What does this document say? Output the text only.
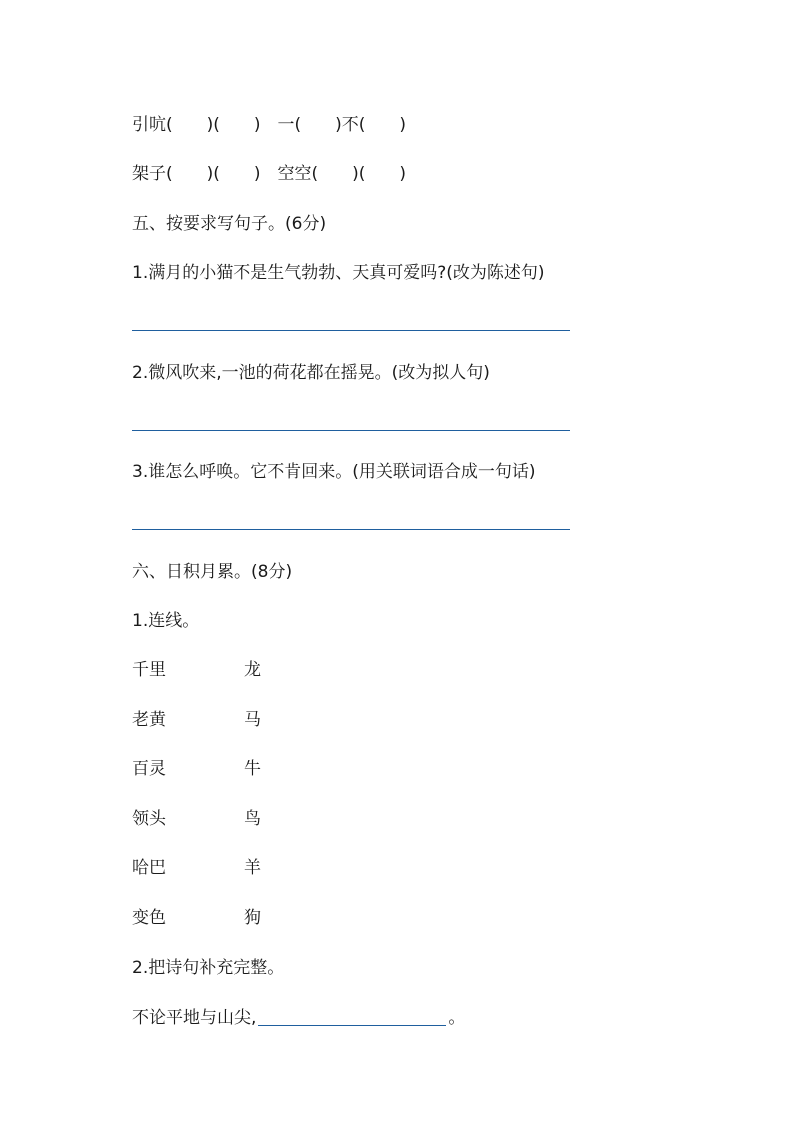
引吭(　　)(　　)　一(　　)不(　　)
架子(　　)(　　)　空空(　　)(　　)
五、按要求写句子。(6分)
1.满月的小猫不是生气勃勃、天真可爱吗?(改为陈述句)
2.微风吹来,一池的荷花都在摇晃。(改为拟人句)
3.谁怎么呼唤。它不肯回来。(用关联词语合成一句话)
六、日积月累。(8分)
1.连线。
千里	龙
老黄	马
百灵	牛
领头	鸟
哈巴	羊
变色	狗
2.把诗句补充完整。
不论平地与山尖,	。
